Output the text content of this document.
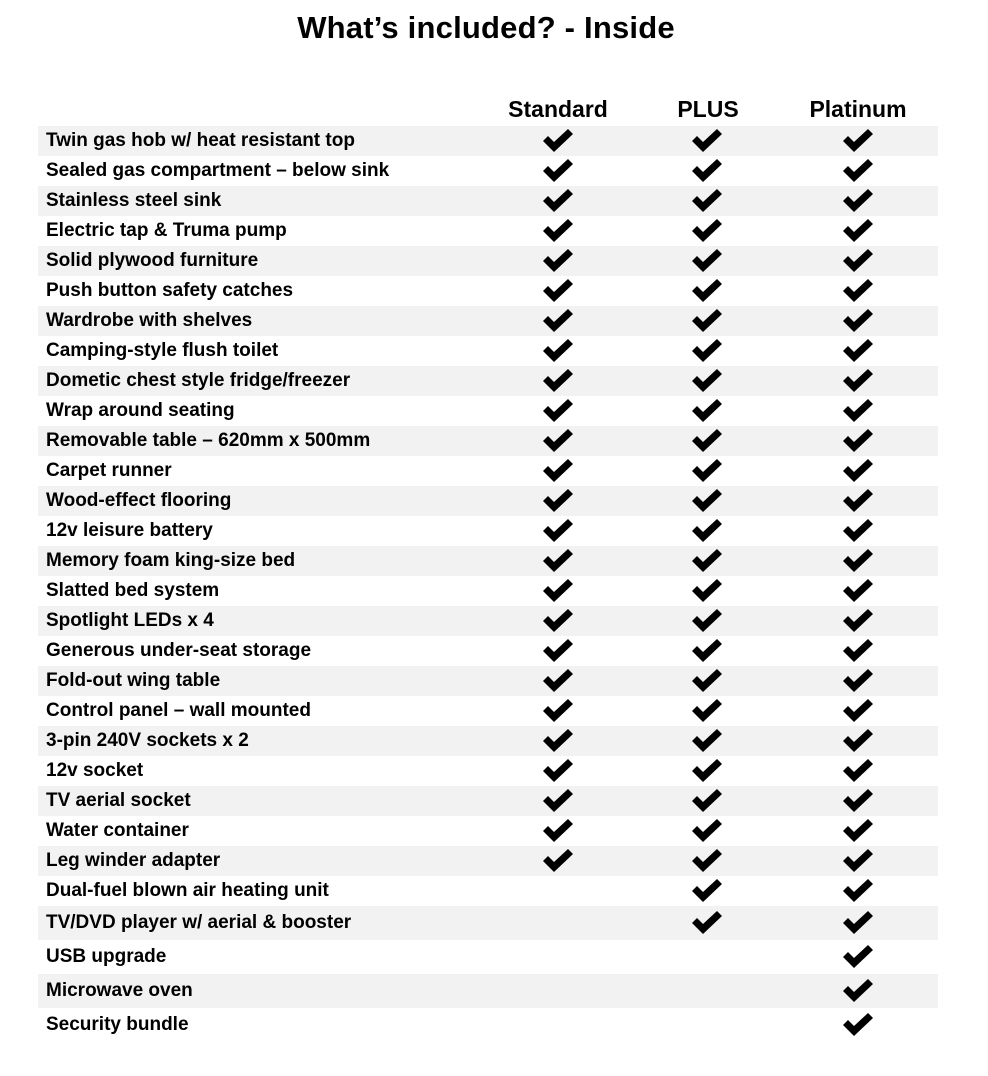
What’s included? - Inside
Standard	PLUS	Platinum
Twin gas hob w/ heat resistant top
Sealed gas compartment – below sink
Stainless steel sink
Electric tap & Truma pump
Solid plywood furniture
Push button safety catches
Wardrobe with shelves
Camping-style flush toilet
Dometic chest style fridge/freezer
Wrap around seating
Removable table – 620mm x 500mm
Carpet runner
Wood-effect flooring
12v leisure battery
Memory foam king-size bed
Slatted bed system
Spotlight LEDs x 4
Generous under-seat storage
Fold-out wing table
Control panel – wall mounted
3-pin 240V sockets x 2
12v socket
TV aerial socket
Water container
Leg winder adapter
Dual-fuel blown air heating unit
TV/DVD player w/ aerial & booster
USB upgrade
Microwave oven
Security bundle
